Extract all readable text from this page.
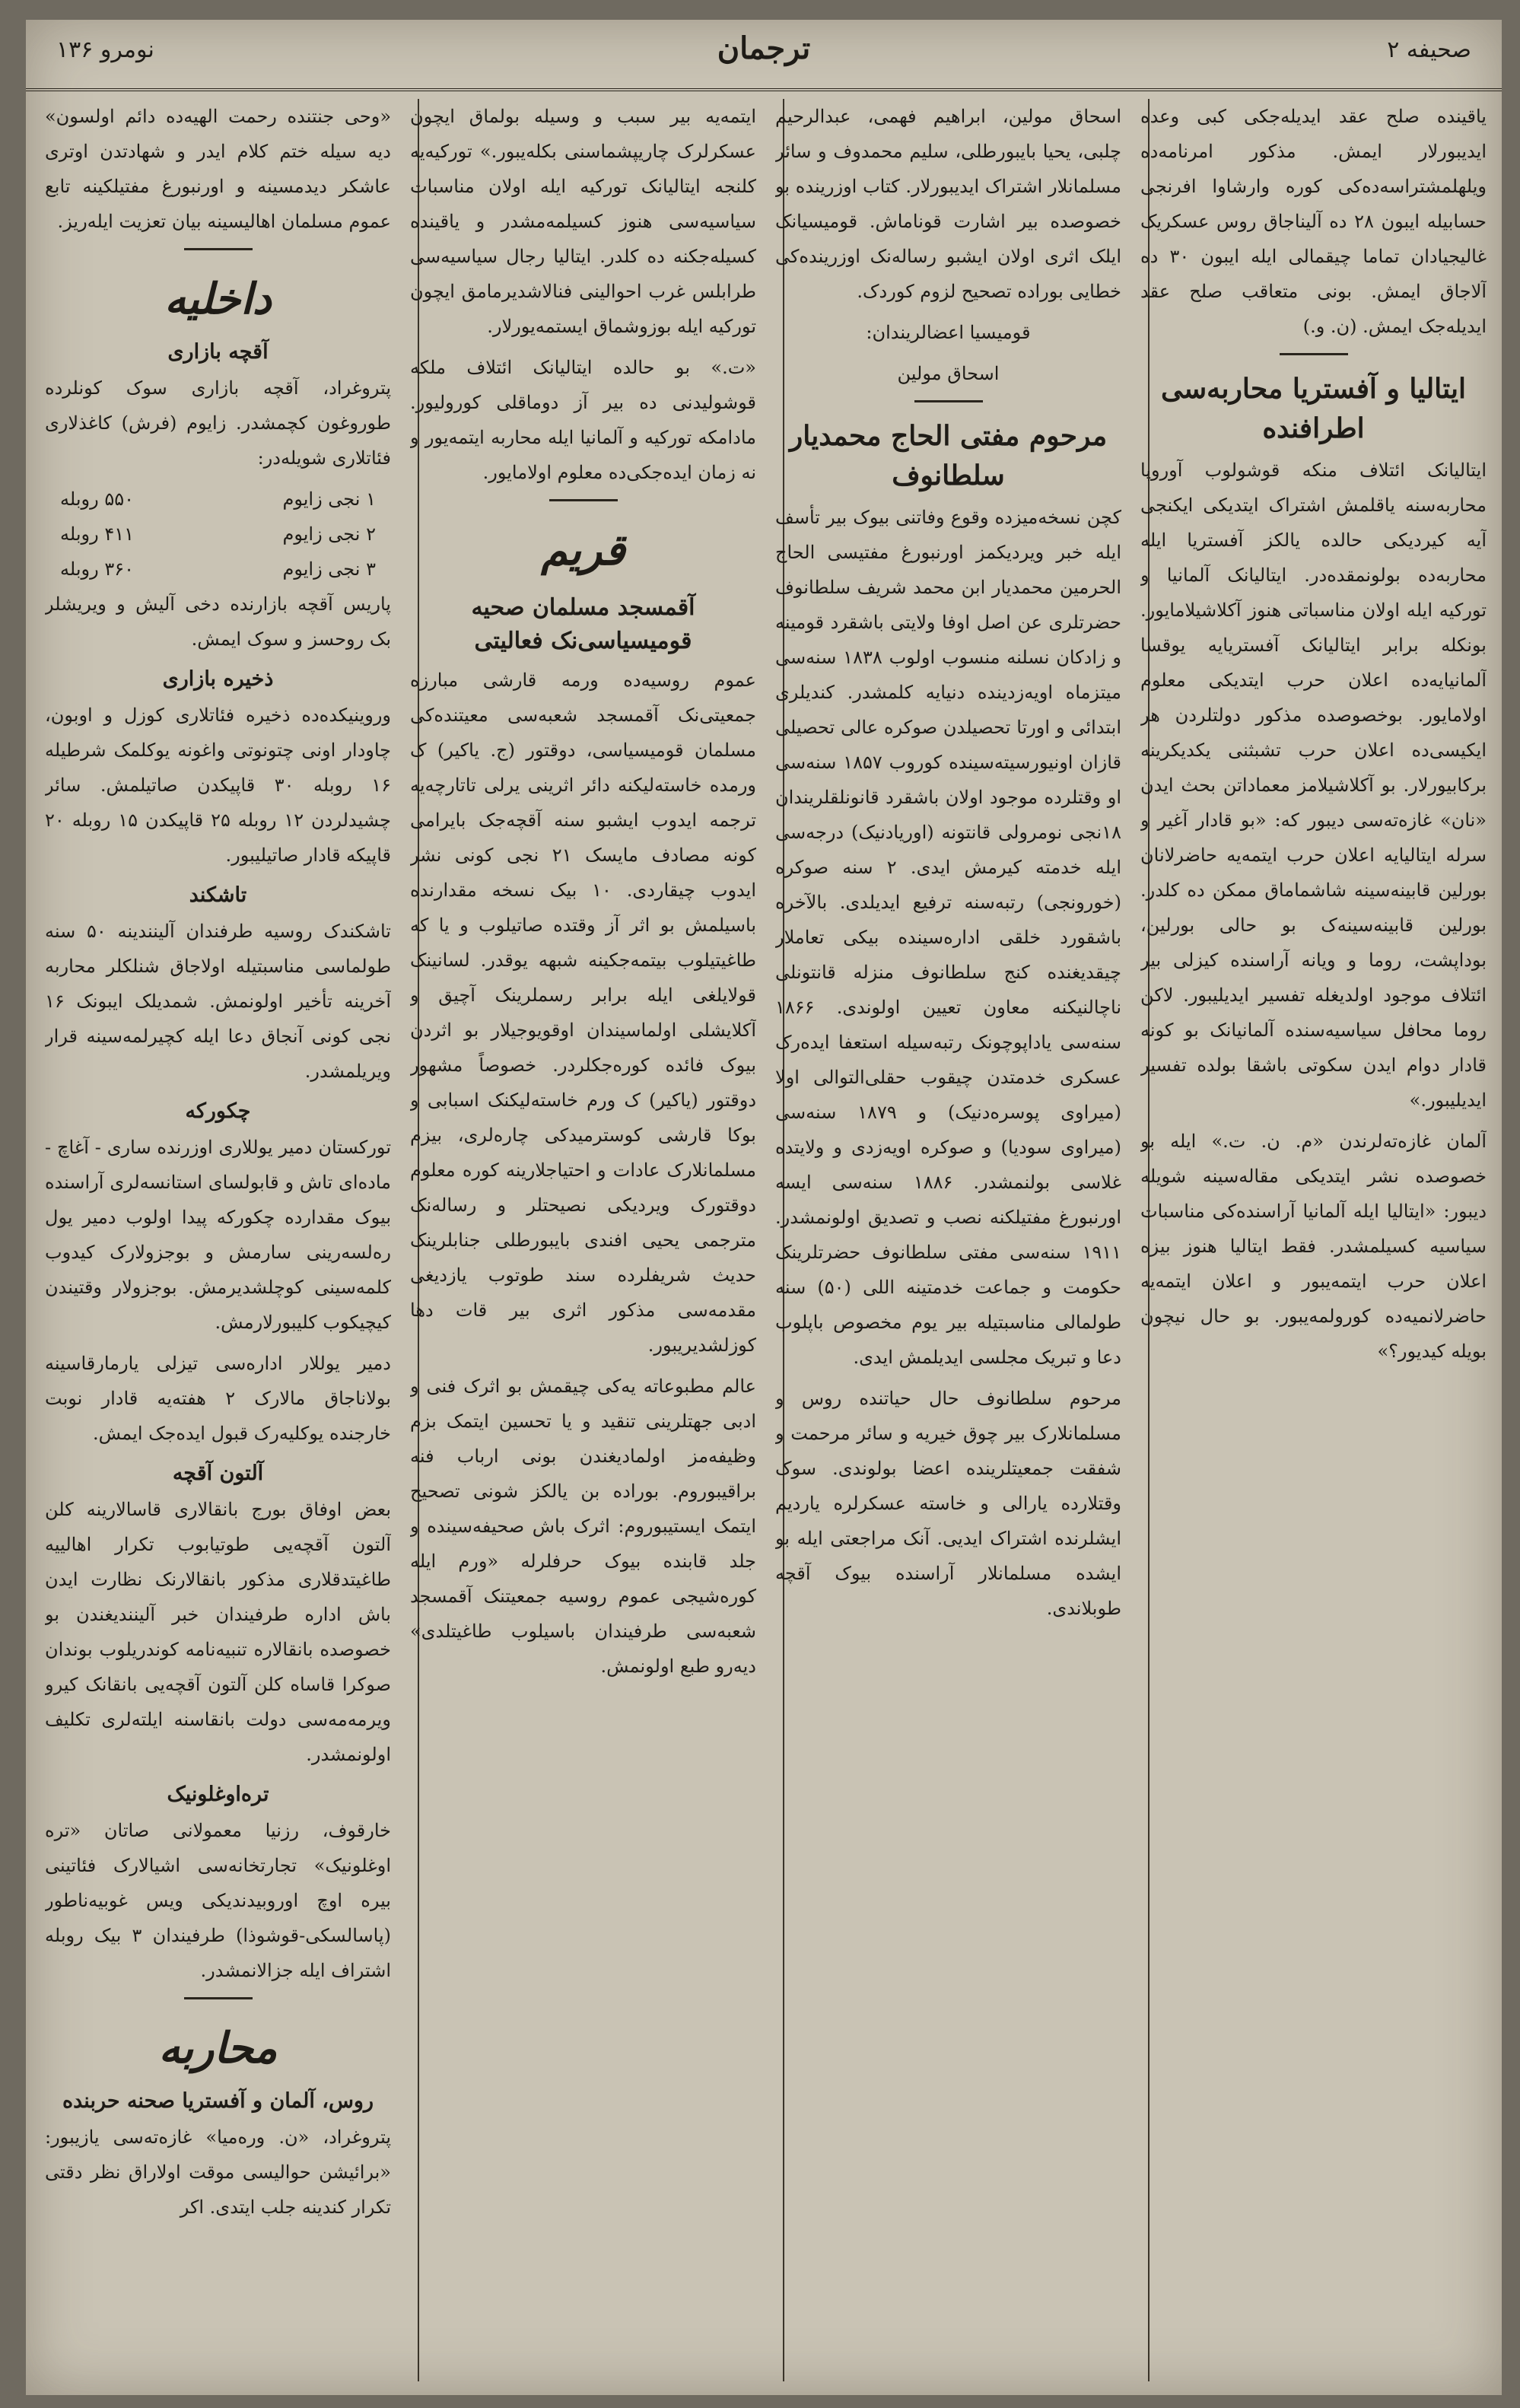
صحیفه ۲
ترجمان
نومرو ۱۳۶

یاقینده صلح عقد ایدیله‌جکی کبی وعده ایدیبورلار ایمش. مذکور امرنامه‌ده ویلهلمشتراسه‌ده‌کی کوره وارشاوا افرنجی حسابیله ایبون ۲۸ ده آلیناجاق روس عسکریک غالیجیادان تماما چیقمالی ایله ایبون ۳۰ ده آلاجاق ایمش. بونی متعاقب صلح عقد ایدیله‌جک ایمش. (ن. و.)

ایتالیا و آفستریا محاربه‌سی اطرافنده

ایتالیانک ائتلاف منکه قوشولوب آوروپا محاربه‌سنه یاقلمش اشتراک ایتدیکی ایکنجی آیه کیردیکی حالده یالکز آفستریا ایله محاربه‌ده بولونمقده‌در. ایتالیانک آلمانیا و تورکیه ایله اولان مناسباتی هنوز آکلاشیلامایور. بونکله برابر ایتالیانک آفستریایه یوقسا آلمانیایه‌ده اعلان حرب ایتدیکی معلوم اولامایور. بوخصوصده مذکور دولتلردن هر ایکیسی‌ده اعلان حرب تشبثنی یکدیکرینه برکابیورلار. بو آکلاشیلامز معماداتن بحث ایدن «نان» غازه‌ته‌سی دیبور که: «بو قادار آغیر و سرله ایتالیایه اعلان حرب ایتمه‌یه حاضرلانان بورلین قابینه‌سینه شاشماماق ممکن ده کلدر. بورلین قابینه‌سینه‌ک بو حالی بورلین، بوداپشت، روما و ویانه آراسنده کیزلی بیر ائتلاف موجود اولدیغله تفسیر ایدیلیبور. لاکن روما محافل سیاسیه‌سنده آلمانیانک بو کونه قادار دوام ایدن سکوتی باشقا بولده تفسیر ایدیلیبور.»

آلمان غازه‌ته‌لرندن «م. ن. ت.» ایله بو خصوصده نشر ایتدیکی مقاله‌سینه شویله دیبور: «ایتالیا ایله آلمانیا آراسنده‌کی مناسبات سیاسیه کسیلمشدر. فقط ایتالیا هنوز بیزه اعلان حرب ایتمه‌یبور و اعلان ایتمه‌یه حاضرلانمیه‌ده کورولمه‌یبور. بو حال نیچون بویله کیدیور؟»

اسحاق مولین، ابراهیم فهمی، عبدالرحیم چلبی، یحیا بایبورطلی، سلیم محمدوف و سائر مسلمانلار اشتراک ایدیبورلار. کتاب اوزرینده بو خصوصده بیر اشارت قوناماش. قومیسیانک ایلک اثری اولان ایشبو رساله‌نک اوزرینده‌کی خطایی بوراده تصحیح لزوم کوردک.

قومیسیا اعضالریندان:

اسحاق مولین

مرحوم مفتی الحاج محمدیار سلطانوف

کچن نسخه‌میزده وقوع وفاتنی بیوک بیر تأسف ایله خبر ویردیکمز اورنبورغ مفتیسی الحاج الحرمین محمدیار ابن محمد شریف سلطانوف حضرتلری عن اصل اوفا ولایتی باشقرد قومینه و زادکان نسلنه منسوب اولوب ۱۸۳۸ سنه‌سی میتزماه اویه‌زدینده دنیایه کلمشدر. کندیلری ابتدائی و اورتا تحصیلدن صوکره عالی تحصیلی قازان اونیورسیته‌سینده کوروب ۱۸۵۷ سنه‌سی او وقتلرده موجود اولان باشقرد قانونلقلریندان ۱۸نجی نومرولی قانتونه (اوریادنیک) درجه‌سی ایله خدمته کیرمش ایدی. ۲ سنه صوکره (خورونجی) رتبه‌سنه ترفیع ایدیلدی. بالآخره باشقورد خلقی اداره‌سینده بیکی تعاملار چیقدیغنده کنج سلطانوف منزله قانتونلی ناچالنیکنه معاون تعیین اولوندی. ۱۸۶۶ سنه‌سی یاداپوچونک رتبه‌سیله استعفا ایده‌رک عسکری خدمتدن چیقوب حقلی‌التوالی اولا (میراوی پوسره‌دنیک) و ۱۸۷۹ سنه‌سی (میراوی سودیا) و صوکره اویه‌زدی و ولایتده غلاسی بولنمشدر. ۱۸۸۶ سنه‌سی ایسه اورنبورغ مفتیلکنه نصب و تصدیق اولونمشدر. ۱۹۱۱ سنه‌سی مفتی سلطانوف حضرتلرینک حکومت و جماعت خدمتینه اللی (۵۰) سنه طولمالی مناسبتیله بیر یوم مخصوص باپلوب دعا و تبریک مجلسی ایدیلمش ایدی.

مرحوم سلطانوف حال حیاتنده روس و مسلمانلارک بیر چوق خیریه و سائر مرحمت و شفقت جمعیتلرینده اعضا بولوندی. سوک وقتلارده یارالی و خاسته عسکرلره یاردیم ایشلرنده اشتراک ایدیی. آنک مراجعتی ایله بو ایشده مسلمانلار آراسنده بیوک آقچه طوبلاندی.

ایتمه‌یه بیر سبب و وسیله بولماق ایچون عسکرلرک چاریپشماسنی بکله‌یبور.» تورکیه‌یه کلنجه ایتالیانک تورکیه ایله اولان مناسبات سیاسیه‌سی هنوز کسیلمه‌مشدر و یاقینده کسیله‌جکنه ده کلدر. ایتالیا رجال سیاسیه‌سی طرابلس غرب احوالینی فنالاشدیرمامق ایچون تورکیه ایله بوزوشماق ایستمه‌یورلار.

«ت.» بو حالده ایتالیانک ائتلاف ملکه قوشولیدنی ده بیر آز دوماقلی کورولیور. مادامکه تورکیه و آلمانیا ایله محاربه ایتمه‌یور و نه زمان ایده‌جکی‌ده معلوم اولامایور.

قریم
آقمسجد مسلمان صحیه قومیسیاسی‌نک فعالیتی

عموم روسیه‌ده ورمه قارشی مبارزه جمعیتی‌نک آقمسجد شعبه‌سی معیتنده‌کی مسلمان قومیسیاسی، دوقتور (ج. یاکیر) ک ورمده خاسته‌لیکنه دائر اثرینی یرلی تاتارچه‌یه ترجمه ایدوب ایشبو سنه آقچه‌جک بایرامی کونه مصادف مایسک ۲۱ نجی کونی نشر ایدوب چیقاردی. ۱۰ بیک نسخه مقدارنده باسیلمش بو اثر آز وقتده صاتیلوب و یا که طاغیتیلوب بیتمه‌جکینه شبهه یوقدر. لسانینک قولایلغی ایله برابر رسملرینک آچیق و آکلایشلی اولماسیندان اوقویوجیلار بو اثردن بیوک فائده کوره‌جکلردر. خصوصاً مشهور دوقتور (یاکیر) ک ورم خاسته‌لیکنک اسبابی و بوکا قارشی کوسترمیدکی چاره‌لری، بیزم مسلمانلارک عادات و احتیاجلارینه کوره معلوم دوقتورک ویردیکی نصیحتلر و رساله‌نک مترجمی یحیی افندی بایبورطلی جنابلرینک حدیث شریفلرده سند طوتوب یازدیغی مقدمه‌سی مذکور اثری بیر قات دها کوزلشدیریبور.

عالم مطبوعاته یه‌کی چیقمش بو اثرک فنی و ادبی جهتلرینی تنقید و یا تحسین ایتمک بزم وظیفه‌مز اولمادیغندن بونی ارباب فنه براقیبوروم. بوراده بن یالکز شونی تصحیح ایتمک ایستیبوروم: اثرک باش صحیفه‌سینده و جلد قابنده بیوک حرفلرله «ورم ایله کوره‌شیجی عموم روسیه جمعیتنک آقمسجد شعبه‌سی طرفیندان باسیلوب طاغیتلدی» دیه‌رو طبع اولونمش.

«وحی جنتنده رحمت الهیه‌ده دائم اولسون» دیه سیله ختم کلام ایدر و شهادتدن اوتری عاشکر دیدمسینه و اورنبورغ مفتیلکینه تابع عموم مسلمان اهالیسینه بیان تعزیت ایله‌ریز.

داخلیه
آقچه بازاری

پتروغراد، آقچه بازاری سوک کونلرده طوروغون کچمشدر. زایوم (فرش) کاغذلاری فئاتلاری شویله‌در:

۱ نجی زایوم
۵۵۰ روبله
۲ نجی زایوم
۴۱۱ روبله
۳ نجی زایوم
۳۶۰ روبله

پاریس آقچه بازارنده دخی آلیش و ویریشلر بک روحسز و سوک ایمش.

ذخیره بازاری

وروینیکده‌ده ذخیره فئاتلاری کوزل و اوبون، چاودار اونی چتونوتی واغونه یوکلمک شرطیله ۱۶ روبله ۳۰ قاپیکدن صاتیلمش. سائر چشیدلردن ۱۲ روبله ۲۵ قاپیکدن ۱۵ روبله ۲۰ قاپیکه قادار صاتیلیبور.

تاشکند

تاشکندک روسیه طرفندان آلینندینه ۵۰ سنه طولماسی مناسبتیله اولاجاق شنلکلر محاربه آخرینه تأخیر اولونمش. شمدیلک ایبونک ۱۶ نجی کونی آنجاق دعا ایله کچیرلمه‌سینه قرار ویریلمشدر.

چکورکه

تورکستان دمیر یوللاری اوزرنده ساری - آغاچ - ماده‌ای تاش و قابولسای استانسه‌لری آراسنده بیوک مقدارده چکورکه پیدا اولوب دمیر یول ره‌لسه‌رینی سارمش و بوجزولارک کیدوب کلمه‌سینی کوچلشدیرمش. بوجزولار وقتیندن کیچیکوب کلیبورلارمش.

دمیر یوللار اداره‌سی تیزلی یارمارقاسینه بولاناجاق مالارک ۲ هفته‌یه قادار نوبت خارجنده یوکلیه‌رک قبول ایده‌جک ایمش.

آلتون آقچه

بعض اوفاق بورج بانقالاری قاسالارینه کلن آلتون آقچه‌یی طوتیابوب تکرار اهالییه طاغیتدقلاری مذکور بانقالارنک نظارت ایدن باش اداره طرفیندان خبر آلینندیغندن بو خصوصده بانقالاره تنبیه‌نامه کوندریلوب بوندان صوکرا قاساه کلن آلتون آقچه‌یی بانقانک کیرو ویرمه‌مه‌سی دولت بانقاسنه ایلته‌لری تکلیف اولونمشدر.

تره‌اوغلونیک

خارقوف، رزنیا معمولانی صاتان «تره اوغلونیک» تجارتخانه‌سی اشیالارک فئاتینی بیره اوچ اوروبیدندیکی ویس غوبیه‌ناطور (پاسالسکی-قوشوذا) طرفیندان ۳ بیک روبله اشتراف ایله جزالانمشدر.

محاربه
روس، آلمان و آفستریا صحنه حربنده

پتروغراد، «ن. وره‌میا» غازه‌ته‌سی یازیبور: «برائیشن حوالیسی موقت اولاراق نظر دقتی تکرار کندینه جلب ایتدی. اکر
